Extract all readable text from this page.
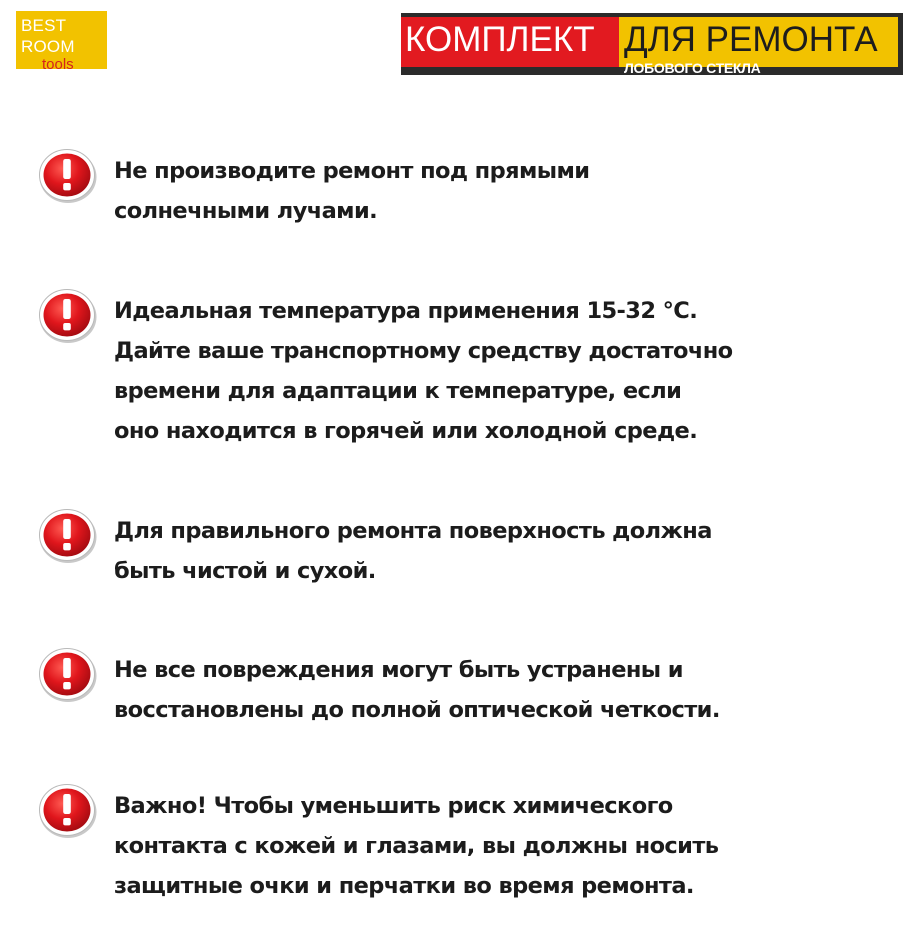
BEST
ROOM
tools
КОМПЛЕКТ ДЛЯ РЕМОНТА
ЛОБОВОГО СТЕКЛА

Не производите ремонт под прямыми
солнечными лучами.

Идеальная температура применения 15-32 °C.
Дайте ваше транспортному средству достаточно
времени для адаптации к температуре, если
оно находится в горячей или холодной среде.

Для правильного ремонта поверхность должна
быть чистой и сухой.

Не все повреждения могут быть устранены и
восстановлены до полной оптической четкости.

Важно! Чтобы уменьшить риск химического
контакта с кожей и глазами, вы должны носить
защитные очки и перчатки во время ремонта.
